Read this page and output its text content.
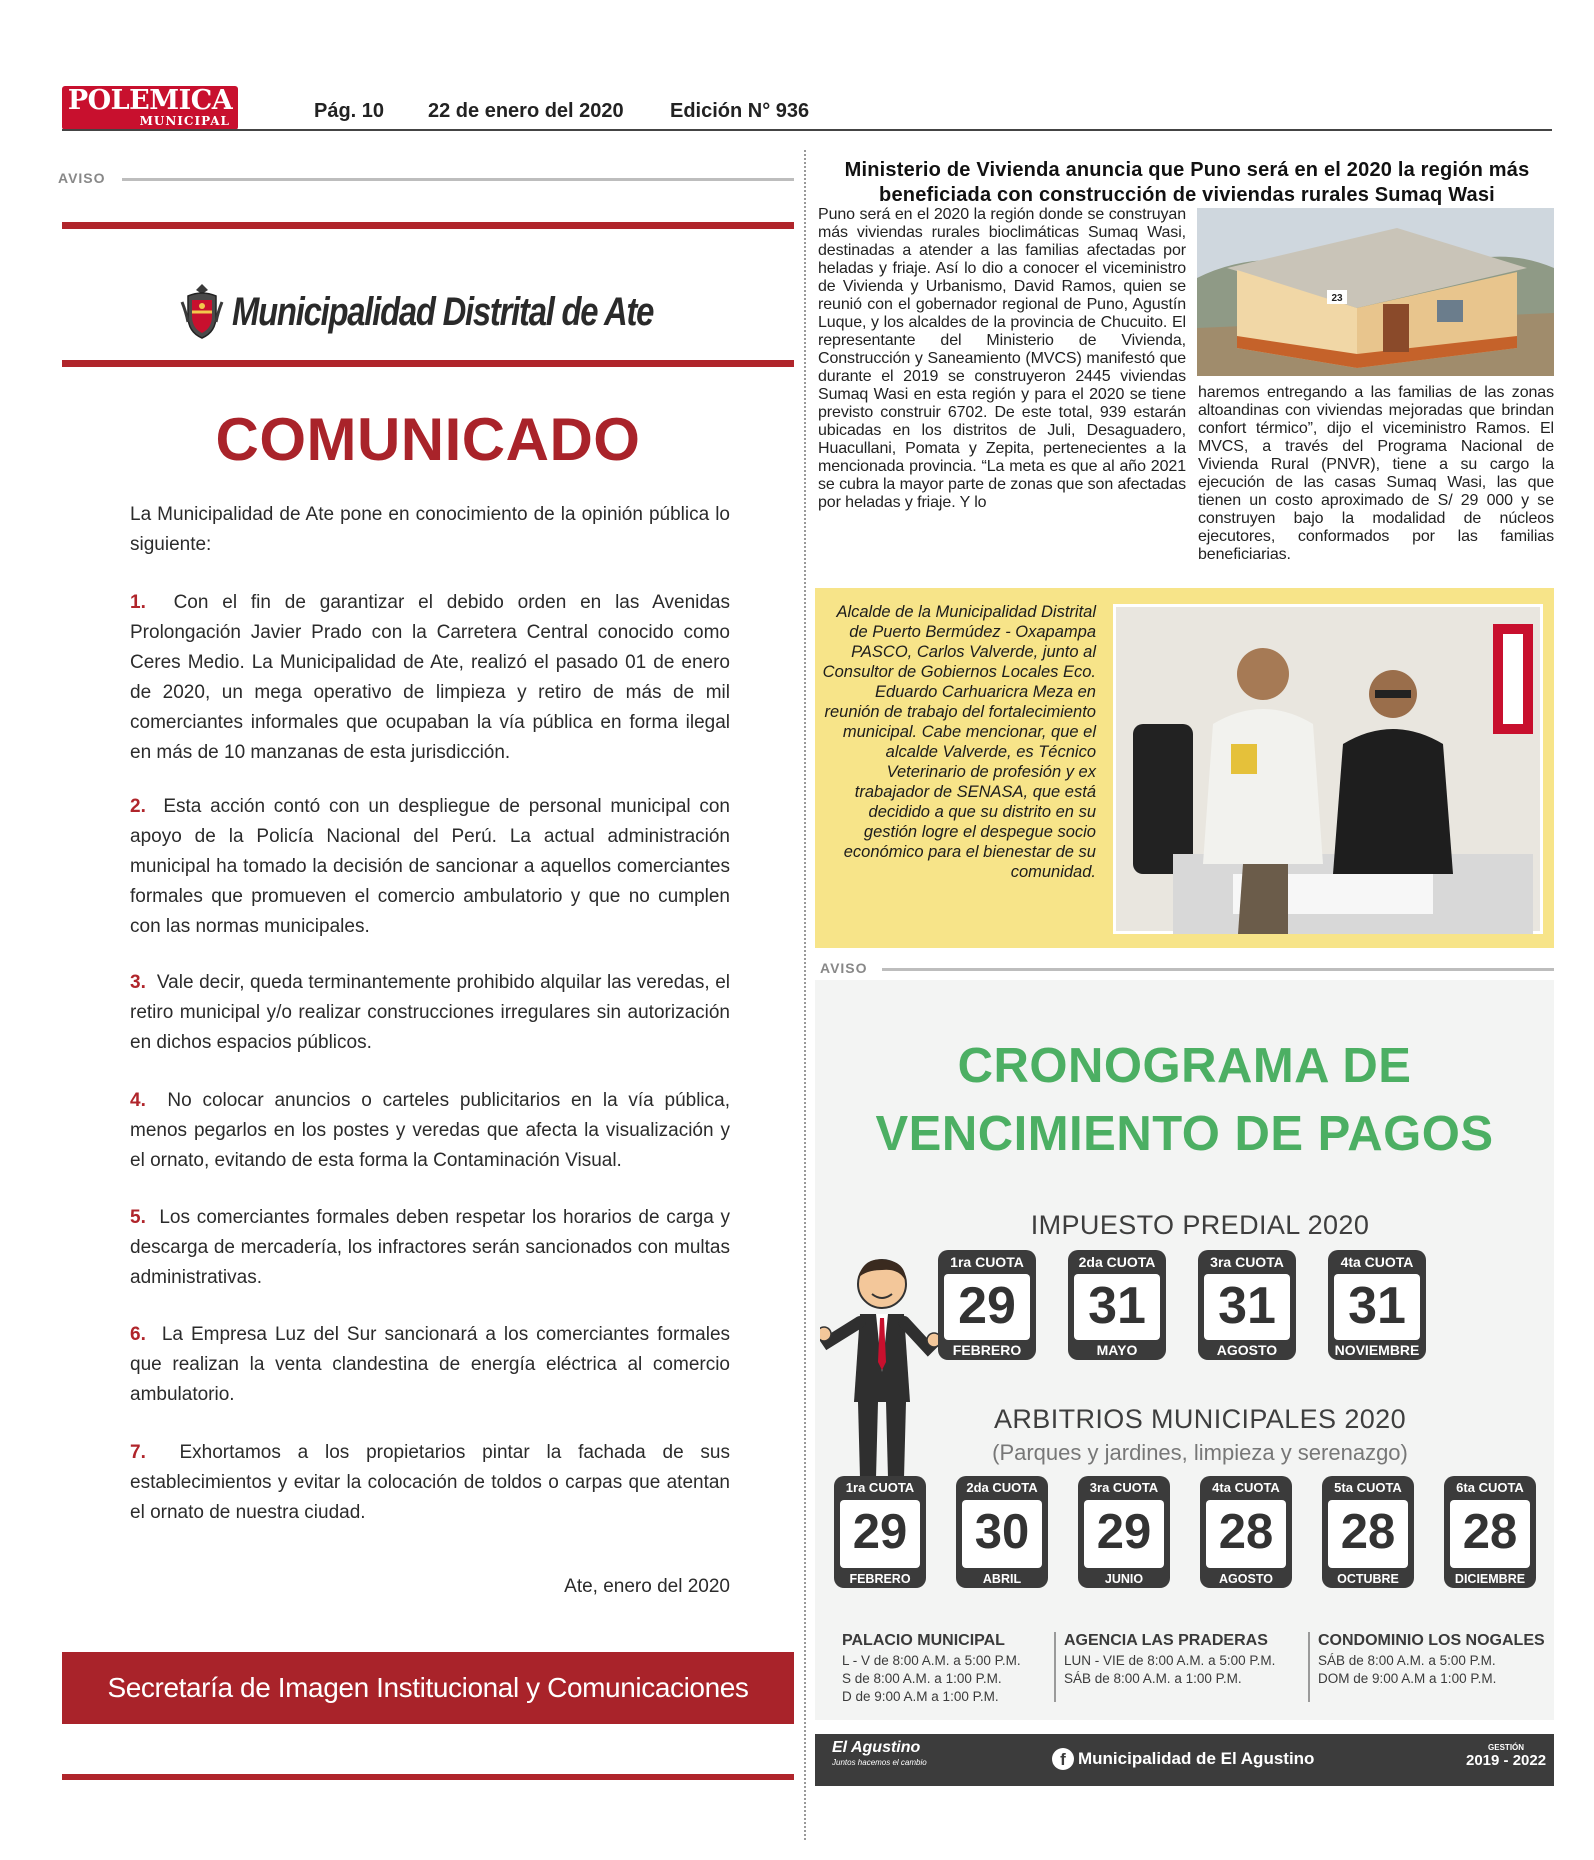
POLEMICA
MUNICIPAL	Pág. 10 22 de enero del 2020 Edición N° 936
AVISO
Municipalidad Distrital de Ate
COMUNICADO
La Municipalidad de Ate pone en conocimiento de la opinión pública lo siguiente:
1. Con el fin de garantizar el debido orden en las Avenidas Prolongación Javier Prado con la Carretera Central conocido como Ceres Medio. La Municipalidad de Ate, realizó el pasado 01 de enero de 2020, un mega operativo de limpieza y retiro de más de mil comerciantes informales que ocupaban la vía pública en forma ilegal en más de 10 manzanas de esta jurisdicción.
2. Esta acción contó con un despliegue de personal municipal con apoyo de la Policía Nacional del Perú. La actual administración municipal ha tomado la decisión de sancionar a aquellos comerciantes formales que promueven el comercio ambulatorio y que no cumplen con las normas municipales.
3. Vale decir, queda terminantemente prohibido alquilar las veredas, el retiro municipal y/o realizar construcciones irregulares sin autorización en dichos espacios públicos.
4. No colocar anuncios o carteles publicitarios en la vía pública, menos pegarlos en los postes y veredas que afecta la visualización y el ornato, evitando de esta forma la Contaminación Visual.
5. Los comerciantes formales deben respetar los horarios de carga y descarga de mercadería, los infractores serán sancionados con multas administrativas.
6. La Empresa Luz del Sur sancionará a los comerciantes formales que realizan la venta clandestina de energía eléctrica al comercio ambulatorio.
7. Exhortamos a los propietarios pintar la fachada de sus establecimientos y evitar la colocación de toldos o carpas que atentan el ornato de nuestra ciudad.
Ate, enero del 2020
Secretaría de Imagen Institucional y Comunicaciones
Ministerio de Vivienda anuncia que Puno será en el 2020 la región más beneficiada con construcción de viviendas rurales Sumaq Wasi
Puno será en el 2020 la región donde se construyan más viviendas rurales bioclimáticas Sumaq Wasi, destinadas a atender a las familias afectadas por heladas y friaje. Así lo dio a conocer el viceministro de Vivienda y Urbanismo, David Ramos, quien se reunió con el gobernador regional de Puno, Agustín Luque, y los alcaldes de la provincia de Chucuito. El representante del Ministerio de Vivienda, Construcción y Saneamiento (MVCS) manifestó que durante el 2019 se construyeron 2445 viviendas Sumaq Wasi en esta región y para el 2020 se tiene previsto construir 6702. De este total, 939 estarán ubicadas en los distritos de Juli, Desaguadero, Huacullani, Pomata y Zepita, pertenecientes a la mencionada provincia. “La meta es que al año 2021 se cubra la mayor parte de zonas que son afectadas por heladas y friaje. Y lo
23
haremos entregando a las familias de las zonas altoandinas con viviendas mejoradas que brindan confort térmico”, dijo el viceministro Ramos. El MVCS, a través del Programa Nacional de Vivienda Rural (PNVR), tiene a su cargo la ejecución de las casas Sumaq Wasi, las que tienen un costo aproximado de S/ 29 000 y se construyen bajo la modalidad de núcleos ejecutores, conformados por las familias beneficiarias.
Alcalde de la Municipalidad Distrital de Puerto Bermúdez - Oxapampa PASCO, Carlos Valverde, junto al Consultor de Gobiernos Locales Eco. Eduardo Carhuaricra Meza en reunión de trabajo del fortalecimiento municipal. Cabe mencionar, que el alcalde Valverde, es Técnico Veterinario de profesión y ex trabajador de SENASA, que está decidido a que su distrito en su gestión logre el despegue socio económico para el bienestar de su comunidad.
AVISO
CRONOGRAMA DE
VENCIMIENTO DE PAGOS
IMPUESTO PREDIAL 2020
1ra CUOTA
29
FEBRERO
2da CUOTA
31
MAYO
3ra CUOTA
31
AGOSTO
4ta CUOTA
31
NOVIEMBRE
ARBITRIOS MUNICIPALES 2020
(Parques y jardines, limpieza y serenazgo)
1ra CUOTA
29
FEBRERO
2da CUOTA
30
ABRIL
3ra CUOTA
29
JUNIO
4ta CUOTA
28
AGOSTO
5ta CUOTA
28
OCTUBRE
6ta CUOTA
28
DICIEMBRE
PALACIO MUNICIPAL
L - V de 8:00 A.M. a 5:00 P.M.
S de 8:00 A.M. a 1:00 P.M.
D de 9:00 A.M a 1:00 P.M.
AGENCIA LAS PRADERAS
LUN - VIE de 8:00 A.M. a 5:00 P.M.
SÁB de 8:00 A.M. a 1:00 P.M.
CONDOMINIO LOS NOGALES
SÁB de 8:00 A.M. a 5:00 P.M.
DOM de 9:00 A.M a 1:00 P.M.
El Agustino
Juntos hacemos el cambio	f Municipalidad de El Agustino
GESTIÓN
2019 - 2022
